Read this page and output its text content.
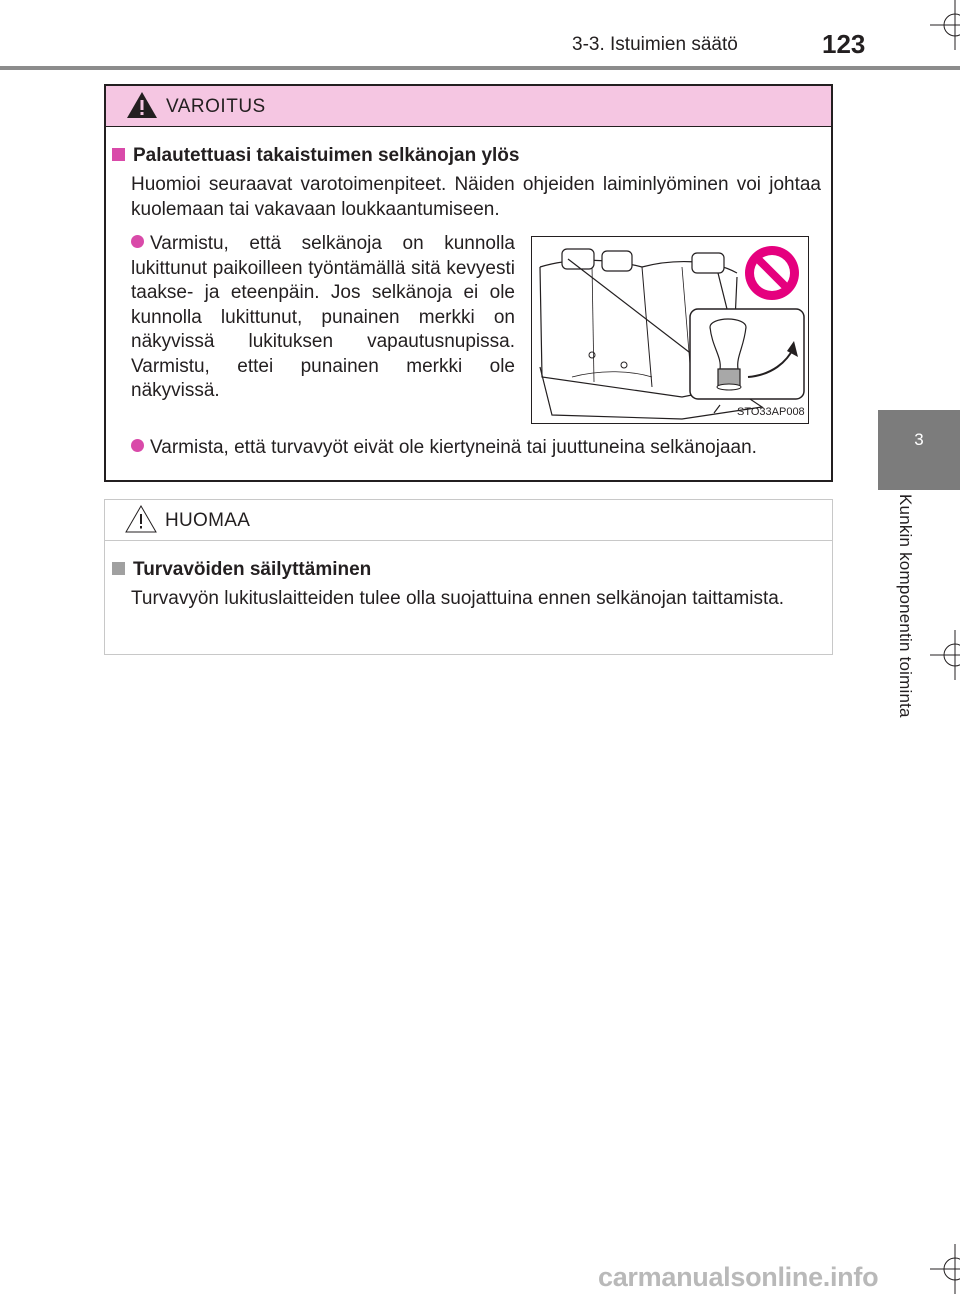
3-3. Istuimien säätö	123
3
Kunkin komponentin toiminta
VAROITUS
Palautettuasi takaistuimen selkänojan ylös
Huomioi seuraavat varotoimenpiteet. Näiden ohjeiden laiminlyöminen voi johtaa kuolemaan tai vakavaan loukkaantumiseen.
Varmistu, että selkänoja on kunnolla lukittunut paikoilleen työntämällä sitä kevyesti taakse- ja eteenpäin. Jos selkänoja ei ole kunnolla lukittunut, punainen merkki on näkyvissä lukituksen vapautusnupissa. Varmistu, ettei punainen merkki ole näkyvissä.
STO33AP008
Varmista, että turvavyöt eivät ole kiertyneinä tai juuttuneina selkänojaan.
HUOMAA
Turvavöiden säilyttäminen
Turvavyön lukituslaitteiden tulee olla suojattuina ennen selkänojan taittamista.
carmanualsonline.info
